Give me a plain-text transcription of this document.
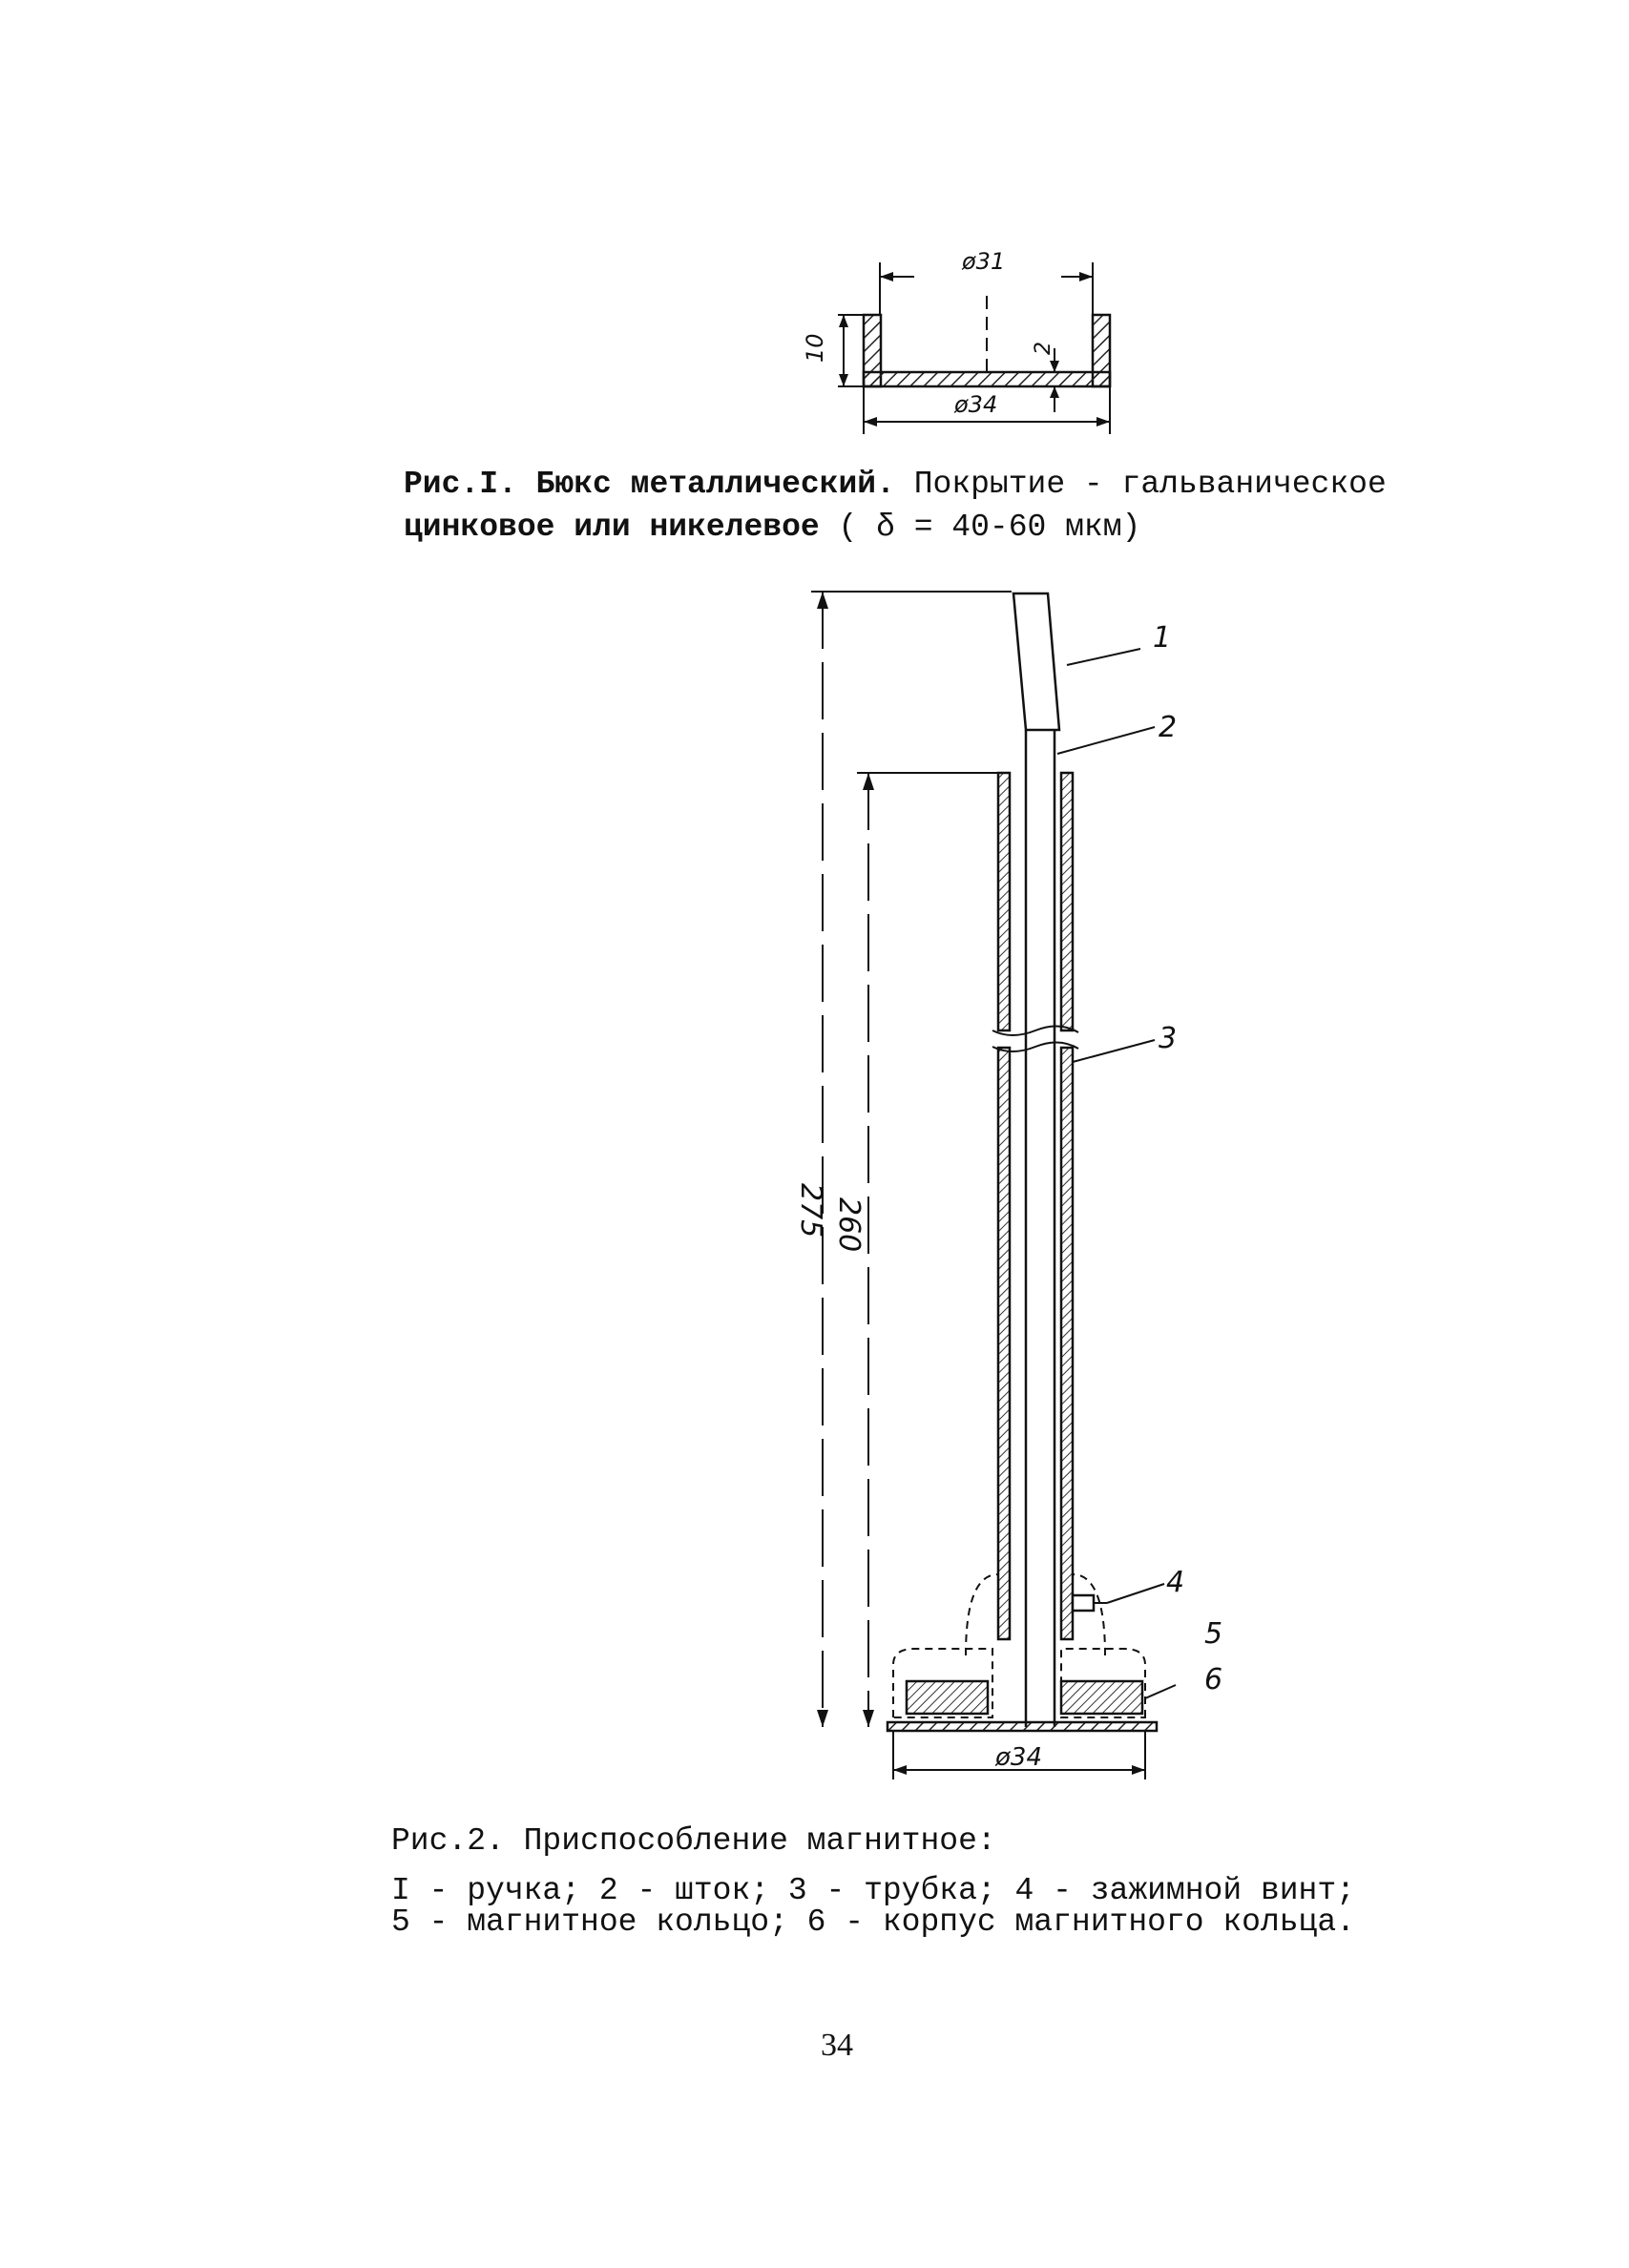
ø31
ø34
10	2
275 260
ø34
1
2
3
4
5
6
Рис.I. Бюкс металлический. Покрытие - гальваническое
цинковое или никелевое ( δ = 40-60 мкм)
Рис.2. Приспособление магнитное:
I - ручка; 2 - шток; 3 - трубка; 4 - зажимной винт;
5 - магнитное кольцо; 6 - корпус магнитного кольца.
34
